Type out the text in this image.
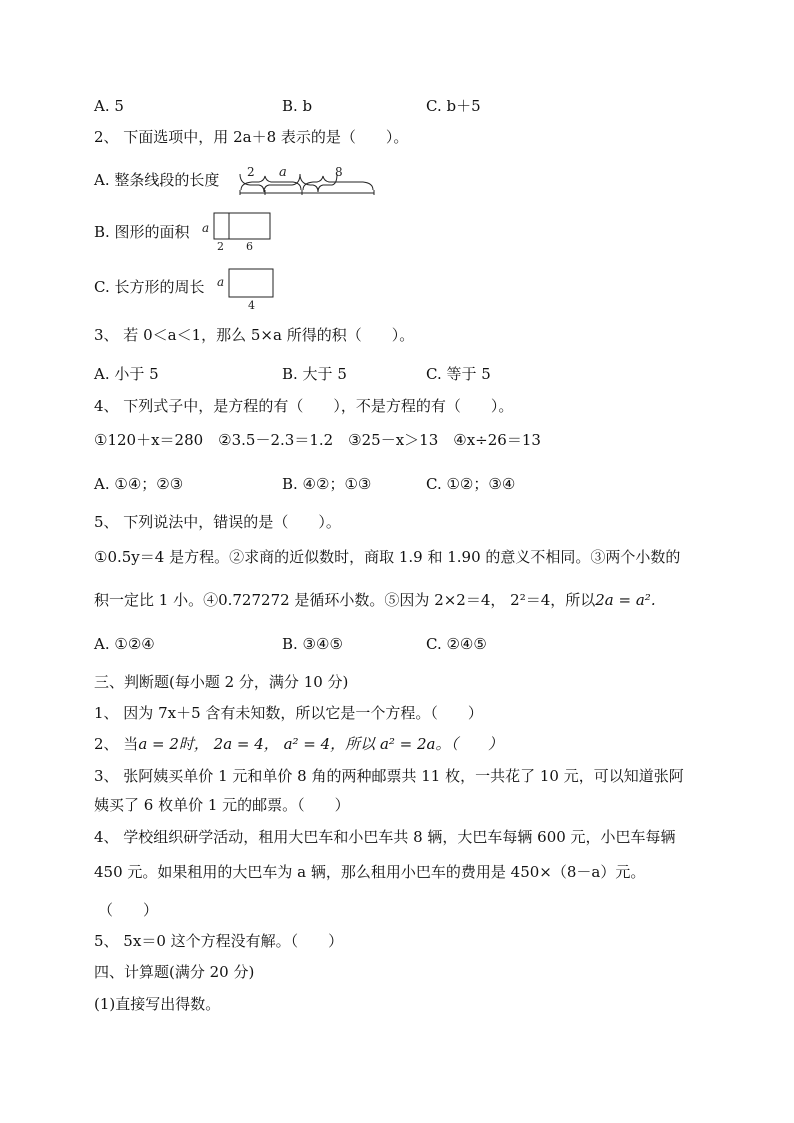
A. 5	B. b	C. b＋5
2、 下面选项中，用 2a＋8 表示的是（　　）。
A. 整条线段的长度 2 a	8
B. 图形的面积 a
2 6
C. 长方形的周长 a
4
3、 若 0＜a＜1，那么 5×a 所得的积（　　）。
A. 小于 5	B. 大于 5	C. 等于 5
4、 下列式子中，是方程的有（　　），不是方程的有（　　）。
①120＋x＝280　②3.5－2.3＝1.2　③25－x＞13　④x÷26＝13
A. ①④；②③	B. ④②；①③	C. ①②；③④
5、 下列说法中，错误的是（　　）。
①0.5y＝4 是方程。②求商的近似数时，商取 1.9 和 1.90 的意义不相同。③两个小数的
积一定比 1 小。④0.727272 是循环小数。⑤因为 2×2＝4， 2²＝4，所以2a = a².
A. ①②④	B. ③④⑤	C. ②④⑤
三、判断题(每小题 2 分，满分 10 分)
1、 因为 7x＋5 含有未知数，所以它是一个方程。（　　）
2、 当a = 2时， 2a = 4， a² = 4，所以 a² = 2a。（　　）
3、 张阿姨买单价 1 元和单价 8 角的两种邮票共 11 枚，一共花了 10 元，可以知道张阿
姨买了 6 枚单价 1 元的邮票。（　　）
4、 学校组织研学活动，租用大巴车和小巴车共 8 辆，大巴车每辆 600 元，小巴车每辆
450 元。如果租用的大巴车为 a 辆，那么租用小巴车的费用是 450×（8－a）元。
（　　）
5、 5x＝0 这个方程没有解。（　　）
四、计算题(满分 20 分)
(1)直接写出得数。
